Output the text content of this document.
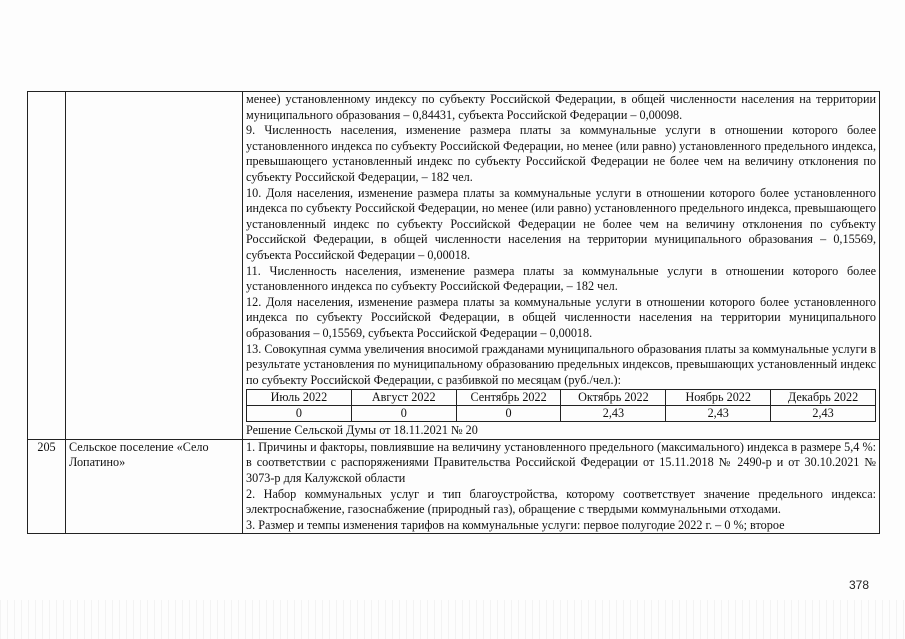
менее) установленному индексу по субъекту Российской Федерации, в общей численности населения на территории муниципального образования – 0,84431, субъекта Российской Федерации – 0,00098.

9. Численность населения, изменение размера платы за коммунальные услуги в отношении которого более установленного индекса по субъекту Российской Федерации, но менее (или равно) установленного предельного индекса, превышающего установленный индекс по субъекту Российской Федерации не более чем на величину отклонения по субъекту Российской Федерации, – 182 чел.

10. Доля населения, изменение размера платы за коммунальные услуги в отношении которого более установленного индекса по субъекту Российской Федерации, но менее (или равно) установленного предельного индекса, превышающего установленный индекс по субъекту Российской Федерации не более чем на величину отклонения по субъекту Российской Федерации, в общей численности населения на территории муниципального образования – 0,15569, субъекта Российской Федерации – 0,00018.

11. Численность населения, изменение размера платы за коммунальные услуги в отношении которого более установленного индекса по субъекту Российской Федерации, – 182 чел.

12. Доля населения, изменение размера платы за коммунальные услуги в отношении которого более установленного индекса по субъекту Российской Федерации, в общей численности населения на территории муниципального образования – 0,15569, субъекта Российской Федерации – 0,00018.

13. Совокупная сумма увеличения вносимой гражданами муниципального образования платы за коммунальные услуги в результате установления по муниципальному образованию предельных индексов, превышающих установленный индекс по субъекту Российской Федерации, с разбивкой по месяцам (руб./чел.):

Июль 2022	Август 2022	Сентябрь 2022	Октябрь 2022	Ноябрь 2022	Декабрь 2022
0	0	0	2,43	2,43	2,43

Решение Сельской Думы от 18.11.2021 № 20

205	Сельское поселение «Село Лопатино»	

1. Причины и факторы, повлиявшие на величину установленного предельного (максимального) индекса в размере 5,4 %: в соответствии с распоряжениями Правительства Российской Федерации от 15.11.2018 № 2490-р и от 30.10.2021 № 3073-р для Калужской области

2. Набор коммунальных услуг и тип благоустройства, которому соответствует значение предельного индекса: электроснабжение, газоснабжение (природный газ), обращение с твердыми коммунальными отходами.

3. Размер и темпы изменения тарифов на коммунальные услуги: первое полугодие 2022 г. – 0 %; второе

378
